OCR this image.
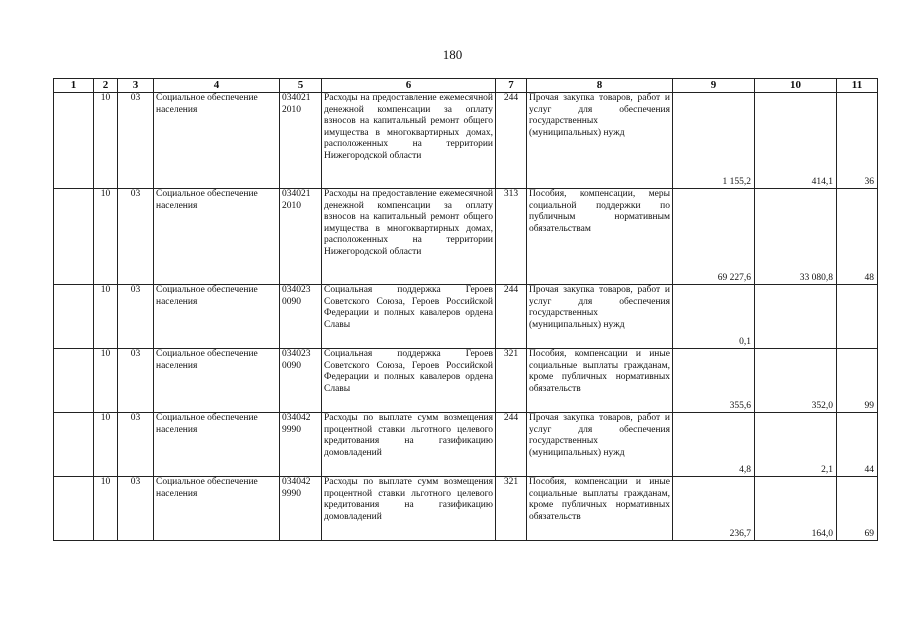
180
1	2	3	4	5	6	7	8	9	10	11
	10	03	Социальное обеспечение населения	034021 2010	Расходы на предоставление ежемесячной денежной компенсации за оплату взносов на капитальный ремонт общего имущества в многоквартирных домах, расположенных на территории Нижегородской области	244	Прочая закупка товаров, работ и услуг для обеспечения государственных (муниципальных) нужд	1 155,2	414,1	36
	10	03	Социальное обеспечение населения	034021 2010	Расходы на предоставление ежемесячной денежной компенсации за оплату взносов на капитальный ремонт общего имущества в многоквартирных домах, расположенных на территории Нижегородской области	313	Пособия, компенсации, меры социальной поддержки по публичным нормативным обязательствам	69 227,6	33 080,8	48
	10	03	Социальное обеспечение населения	034023 0090	Социальная поддержка Героев Советского Союза, Героев Российской Федерации и полных кавалеров ордена Славы	244	Прочая закупка товаров, работ и услуг для обеспечения государственных (муниципальных) нужд	0,1		
	10	03	Социальное обеспечение населения	034023 0090	Социальная поддержка Героев Советского Союза, Героев Российской Федерации и полных кавалеров ордена Славы	321	Пособия, компенсации и иные социальные выплаты гражданам, кроме публичных нормативных обязательств	355,6	352,0	99
	10	03	Социальное обеспечение населения	034042 9990	Расходы по выплате сумм возмещения процентной ставки льготного целевого кредитования на газификацию домовладений	244	Прочая закупка товаров, работ и услуг для обеспечения государственных (муниципальных) нужд	4,8	2,1	44
	10	03	Социальное обеспечение населения	034042 9990	Расходы по выплате сумм возмещения процентной ставки льготного целевого кредитования на газификацию домовладений	321	Пособия, компенсации и иные социальные выплаты гражданам, кроме публичных нормативных обязательств	236,7	164,0	69
